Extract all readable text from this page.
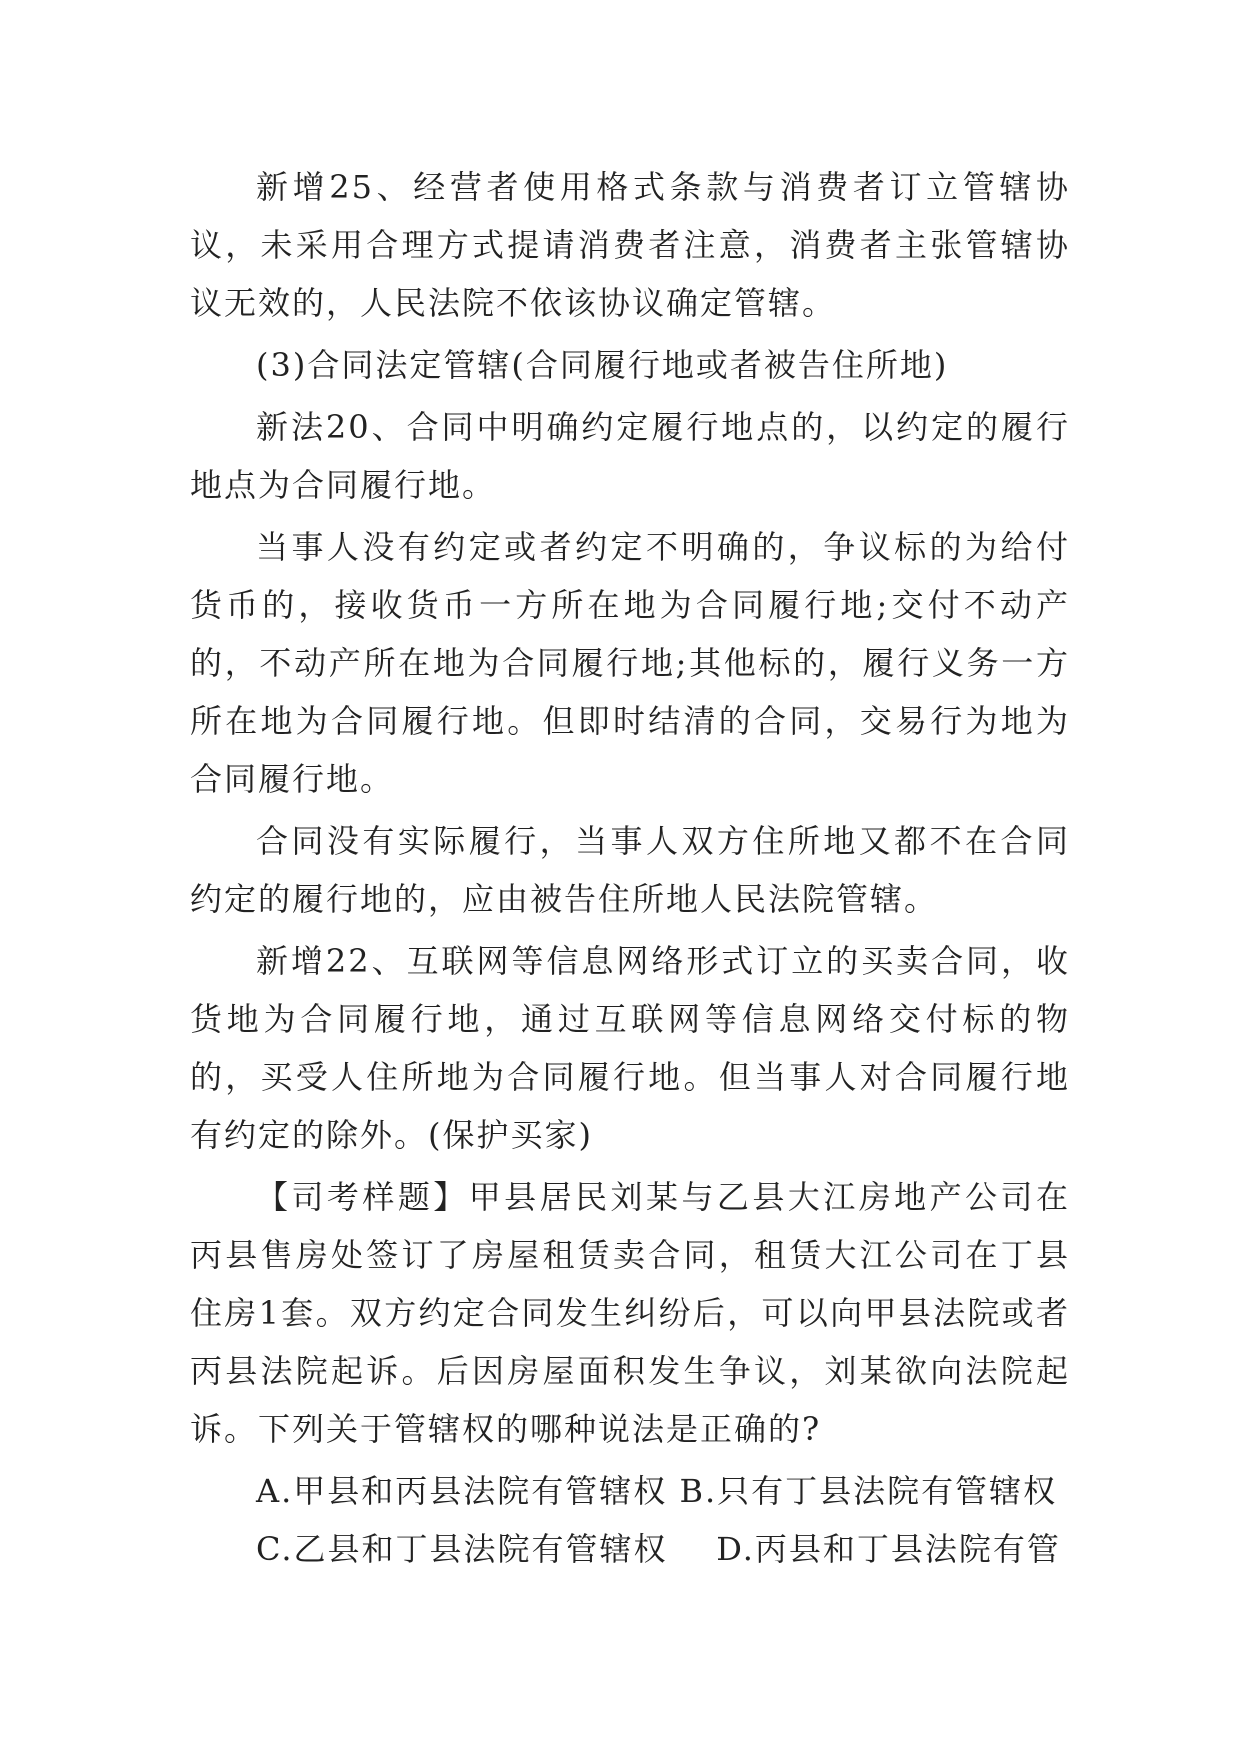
新增25、经营者使用格式条款与消费者订立管辖协议，未采用合理方式提请消费者注意，消费者主张管辖协议无效的，人民法院不依该协议确定管辖。

(3)合同法定管辖(合同履行地或者被告住所地)

新法20、合同中明确约定履行地点的，以约定的履行地点为合同履行地。

当事人没有约定或者约定不明确的，争议标的为给付货币的，接收货币一方所在地为合同履行地;交付不动产的，不动产所在地为合同履行地;其他标的，履行义务一方所在地为合同履行地。但即时结清的合同，交易行为地为合同履行地。

合同没有实际履行，当事人双方住所地又都不在合同约定的履行地的，应由被告住所地人民法院管辖。

新增22、互联网等信息网络形式订立的买卖合同，收货地为合同履行地，通过互联网等信息网络交付标的物的，买受人住所地为合同履行地。但当事人对合同履行地有约定的除外。(保护买家)

【司考样题】甲县居民刘某与乙县大江房地产公司在丙县售房处签订了房屋租赁卖合同，租赁大江公司在丁县住房1套。双方约定合同发生纠纷后，可以向甲县法院或者丙县法院起诉。后因房屋面积发生争议，刘某欲向法院起诉。下列关于管辖权的哪种说法是正确的?

A.甲县和丙县法院有管辖权 B.只有丁县法院有管辖权

C.乙县和丁县法院有管辖权    D.丙县和丁县法院有管
